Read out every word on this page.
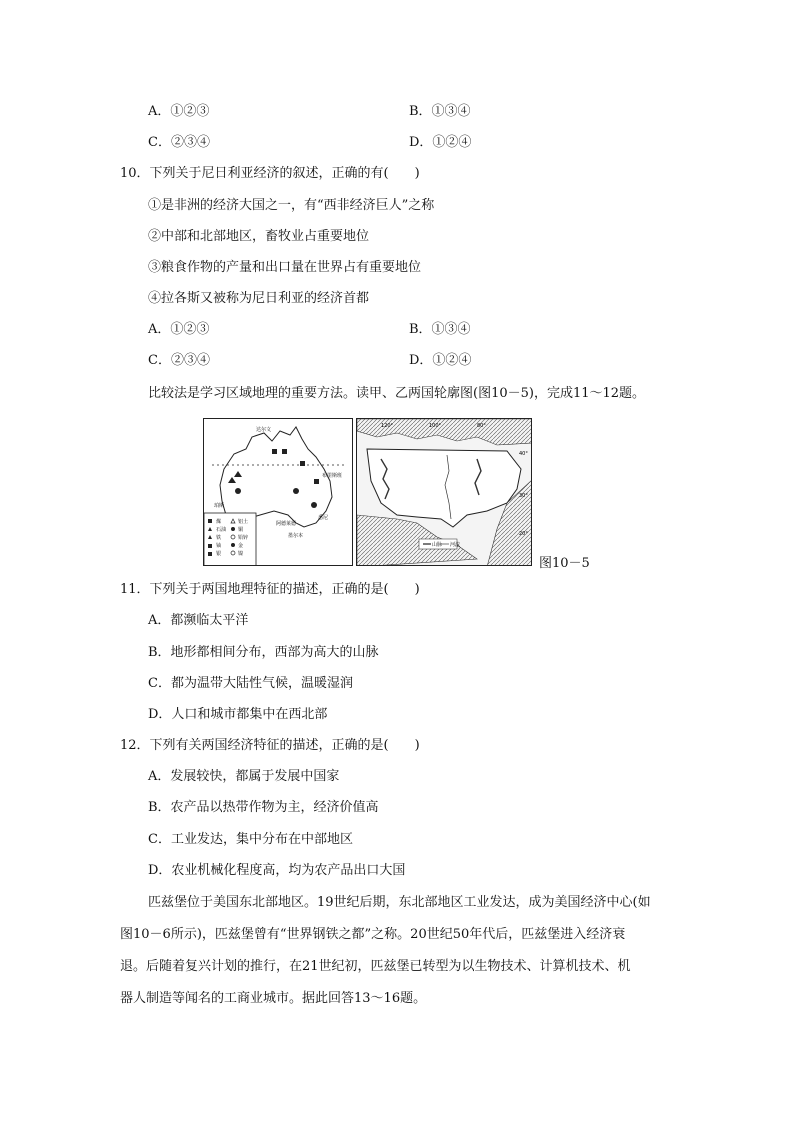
A．①②③	B．①③④
C．②③④	D．①②④
10．下列关于尼日利亚经济的叙述，正确的有(　　)
①是非洲的经济大国之一，有“西非经济巨人”之称
②中部和北部地区，畜牧业占重要地位
③粮食作物的产量和出口量在世界占有重要地位
④拉各斯又被称为尼日利亚的经济首都
A．①②③	B．①③④
C．②③④	D．①②④
比较法是学习区域地理的重要方法。读甲、乙两国轮廓图(图10－5)，完成11～12题。
达尔文
墨尔本
布里斯班
悉尼
珀斯
阿德莱德
煤	铝土
石油 铜
铁	铅锌
铀	金
银	镍
120°	100°	80°
40°
30°
20°
山脉 河流
图10－5
11．下列关于两国地理特征的描述，正确的是(　　)
A．都濒临太平洋
B．地形都相间分布，西部为高大的山脉
C．都为温带大陆性气候，温暖湿润
D．人口和城市都集中在西北部
12．下列有关两国经济特征的描述，正确的是(　　)
A．发展较快，都属于发展中国家
B．农产品以热带作物为主，经济价值高
C．工业发达，集中分布在中部地区
D．农业机械化程度高，均为农产品出口大国
匹兹堡位于美国东北部地区。19世纪后期，东北部地区工业发达，成为美国经济中心(如
图10－6所示)，匹兹堡曾有“世界钢铁之都”之称。20世纪50年代后，匹兹堡进入经济衰
退。后随着复兴计划的推行，在21世纪初，匹兹堡已转型为以生物技术、计算机技术、机
器人制造等闻名的工商业城市。据此回答13～16题。
